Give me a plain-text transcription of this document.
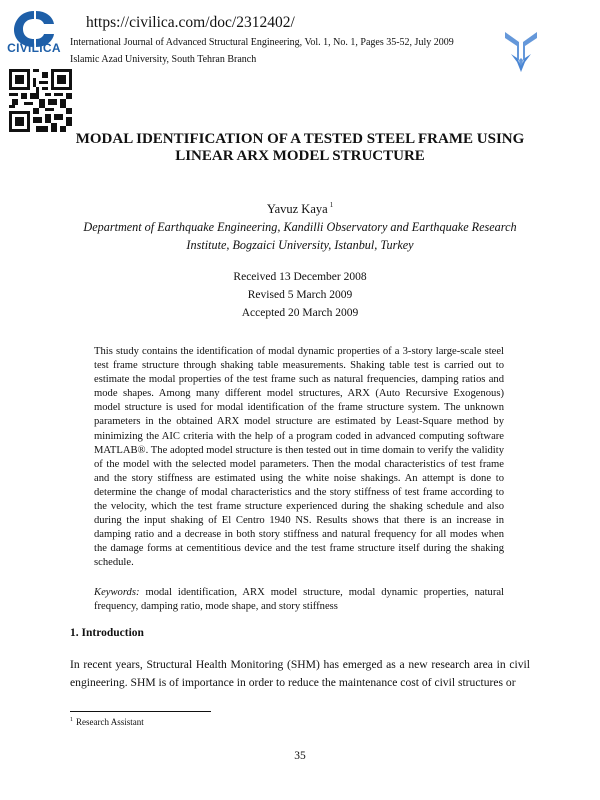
CIVILICA
https://civilica.com/doc/2312402/
International Journal of Advanced Structural Engineering, Vol. 1, No. 1, Pages 35-52, July 2009
Islamic Azad University, South Tehran Branch
MODAL IDENTIFICATION OF A TESTED STEEL FRAME USING
LINEAR ARX MODEL STRUCTURE
Yavuz Kaya $^1$
Department of Earthquake Engineering, Kandilli Observatory and Earthquake Research
Institute, Bogzaici University, Istanbul, Turkey
Received 13 December 2008
Revised 5 March 2009
Accepted 20 March 2009
This study contains the identification of modal dynamic properties of a 3-story large-scale steel test frame structure through shaking table measurements. Shaking table test is carried out to estimate the modal properties of the test frame such as natural frequencies, damping ratios and mode shapes. Among many different model structures, ARX (Auto Recursive Exogenous) model structure is used for modal identification of the frame structure system. The unknown parameters in the obtained ARX model structure are estimated by Least-Square method by minimizing the AIC criteria with the help of a program coded in advanced computing software MATLAB®. The adopted model structure is then tested out in time domain to verify the validity of the model with the selected model parameters. Then the modal characteristics of test frame and the story stiffness are estimated using the white noise shakings. An attempt is done to determine the change of modal characteristics and the story stiffness of test frame according to the velocity, which the test frame structure experienced during the shaking schedule and also during the input shaking of El Centro 1940 NS. Results shows that there is an increase in damping ratio and a decrease in both story stiffness and natural frequency for all modes when the damage forms at cementitious device and the test frame structure itself during the shaking schedule.
Keywords: modal identification, ARX model structure, modal dynamic properties, natural frequency, damping ratio, mode shape, and story stiffness
1. Introduction
In recent years, Structural Health Monitoring (SHM) has emerged as a new research area in civil engineering. SHM is of importance in order to reduce the maintenance cost of civil structures or
$^1$ Research Assistant
35
